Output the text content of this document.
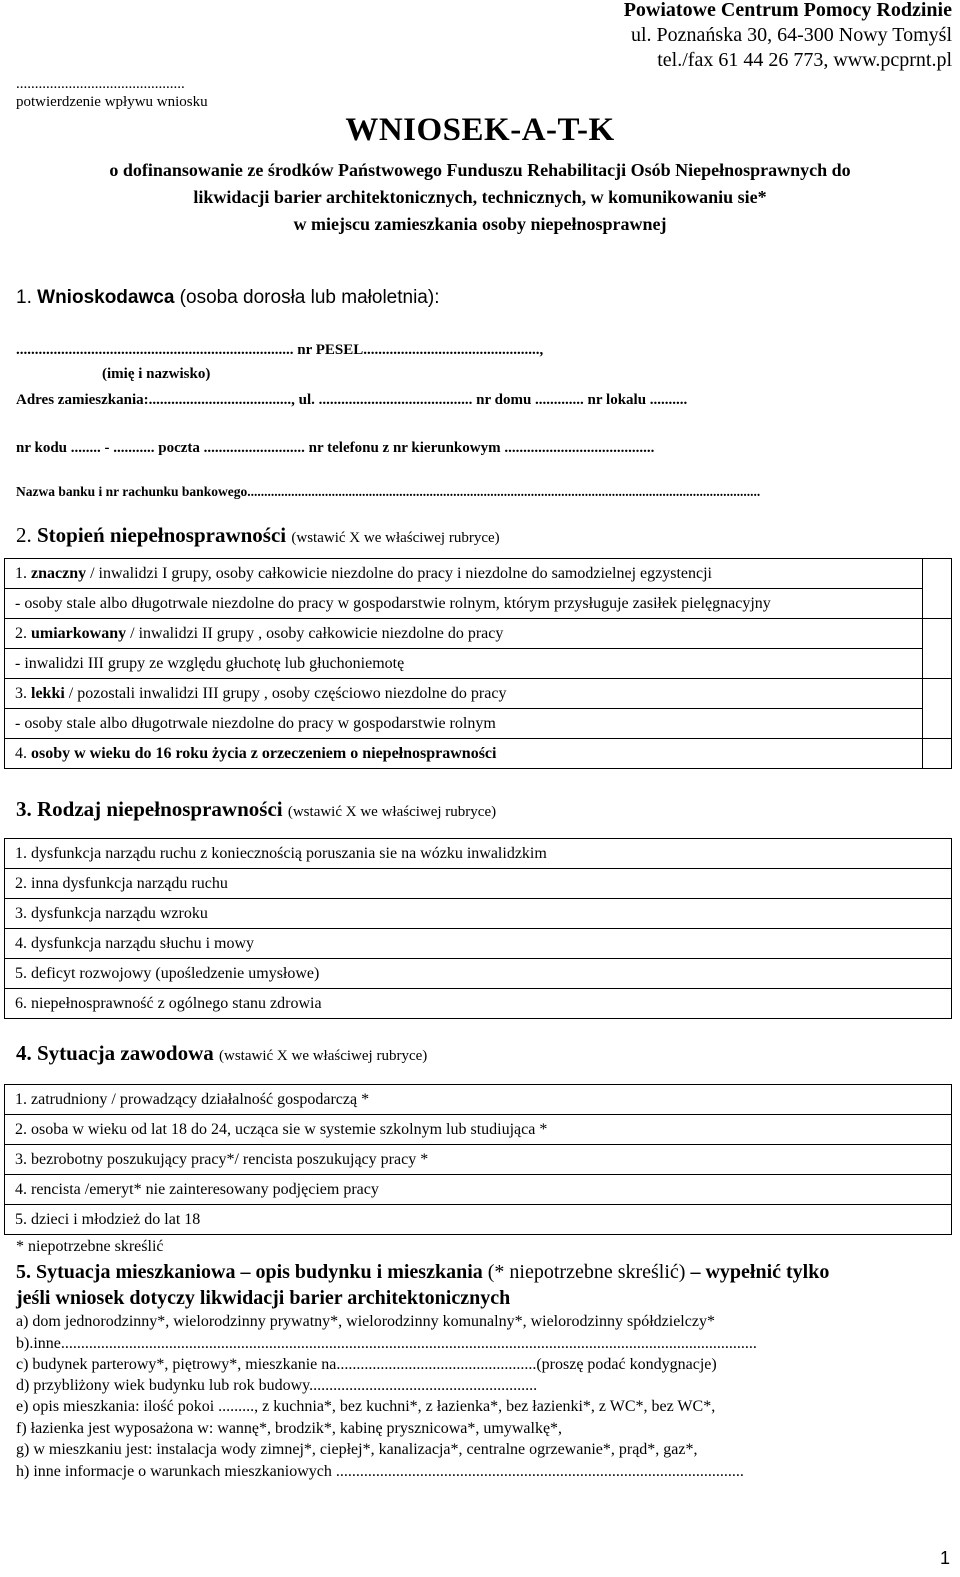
Powiatowe Centrum Pomocy Rodzinie
ul. Poznańska 30, 64-300 Nowy Tomyśl
tel./fax 61 44 26 773, www.pcprnt.pl
.............................................
potwierdzenie wpływu wniosku
WNIOSEK-A-T-K
o dofinansowanie ze środków Państwowego Funduszu Rehabilitacji Osób Niepełnosprawnych do
likwidacji barier architektonicznych, technicznych, w komunikowaniu sie*
w miejscu zamieszkania osoby niepełnosprawnej
1. Wnioskodawca (osoba dorosła lub małoletnia):
.......................................................................... nr PESEL...............................................,
(imię i nazwisko)
Adres zamieszkania:......................................, ul. ......................................... nr domu ............. nr lokalu ..........
nr kodu ........ - ........... poczta ........................... nr telefonu z nr kierunkowym ........................................
Nazwa banku i nr rachunku bankowego........................................................................................................................................................
2. Stopień niepełnosprawności (wstawić X we właściwej rubryce)
1. znaczny / inwalidzi I grupy, osoby całkowicie niezdolne do pracy i niezdolne do samodzielnej egzystencji	
- osoby stale albo długotrwale niezdolne do pracy w gospodarstwie rolnym, którym przysługuje zasiłek pielęgnacyjny	
2. umiarkowany / inwalidzi II grupy , osoby całkowicie niezdolne do pracy	
- inwalidzi III grupy ze względu głuchotę lub głuchoniemotę	
3. lekki / pozostali inwalidzi III grupy , osoby częściowo niezdolne do pracy	
- osoby stale albo długotrwale niezdolne do pracy w gospodarstwie rolnym	
4. osoby w wieku do 16 roku życia z orzeczeniem o niepełnosprawności	
3. Rodzaj niepełnosprawności (wstawić X we właściwej rubryce)
1. dysfunkcja narządu ruchu z koniecznością poruszania sie na wózku inwalidzkim
2. inna dysfunkcja narządu ruchu
3. dysfunkcja narządu wzroku
4. dysfunkcja narządu słuchu i mowy
5. deficyt rozwojowy (upośledzenie umysłowe)
6. niepełnosprawność z ogólnego stanu zdrowia
4. Sytuacja zawodowa (wstawić X we właściwej rubryce)
1. zatrudniony / prowadzący działalność gospodarczą *
2. osoba w wieku od lat 18 do 24, ucząca sie w systemie szkolnym lub studiująca *
3. bezrobotny poszukujący pracy*/ rencista poszukujący pracy *
4. rencista /emeryt* nie zainteresowany podjęciem pracy
5. dzieci i młodzież do lat 18
* niepotrzebne skreślić
5. Sytuacja mieszkaniowa – opis budynku i mieszkania (* niepotrzebne skreślić) – wypełnić tylko
jeśli wniosek dotyczy likwidacji barier architektonicznych
a) dom jednorodzinny*, wielorodzinny prywatny*, wielorodzinny komunalny*, wielorodzinny spółdzielczy*
b).inne..............................................................................................................................................................................
c) budynek parterowy*, piętrowy*, mieszkanie na..................................................(proszę podać kondygnacje)
d) przybliżony wiek budynku lub rok budowy.........................................................
e) opis mieszkania: ilość pokoi ........., z kuchnia*, bez kuchni*, z łazienka*, bez łazienki*, z WC*, bez WC*,
f) łazienka jest wyposażona w: wannę*, brodzik*, kabinę prysznicowa*, umywalkę*,
g) w mieszkaniu jest: instalacja wody zimnej*, ciepłej*, kanalizacja*, centralne ogrzewanie*, prąd*, gaz*,
h) inne informacje o warunkach mieszkaniowych ......................................................................................................
1
